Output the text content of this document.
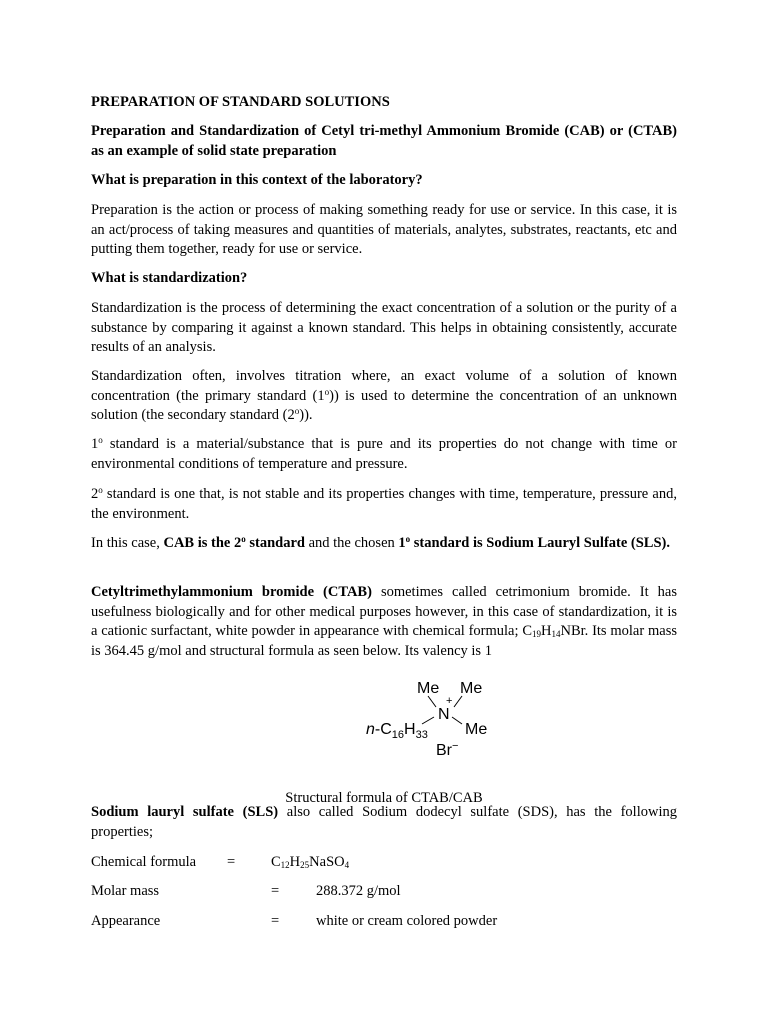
PREPARATION OF STANDARD SOLUTIONS

Preparation and Standardization of Cetyl tri-methyl Ammonium Bromide (CAB) or (CTAB) as an example of solid state preparation

What is preparation in this context of the laboratory?

Preparation is the action or process of making something ready for use or service. In this case, it is an act/process of taking measures and quantities of materials, analytes, substrates, reactants, etc and putting them together, ready for use or service.

What is standardization?

Standardization is the process of determining the exact concentration of a solution or the purity of a substance by comparing it against a known standard. This helps in obtaining consistently, accurate results of an analysis.

Standardization often, involves titration where, an exact volume of a solution of known concentration (the primary standard (1$^o$)) is used to determine the concentration of an unknown solution (the secondary standard (2$^o$)).

1$^o$ standard is a material/substance that is pure and its properties do not change with time or environmental conditions of temperature and pressure.

2$^o$ standard is one that, is not stable and its properties changes with time, temperature, pressure and, the environment.

In this case, CAB is the 2$^o$ standard and the chosen 1$^o$ standard is Sodium Lauryl Sulfate (SLS).

Cetyltrimethylammonium bromide (CTAB) sometimes called cetrimonium bromide. It has usefulness biologically and for other medical purposes however, in this case of standardization, it is a cationic surfactant, white powder in appearance with chemical formula; $C_{19}H_{14}NBr$. Its molar mass is 364.45 g/mol and structural formula as seen below. Its valency is 1

Me Me
+
N
$n-C_{16}H_{33}$ Me
Br−

Structural formula of CTAB/CAB

Sodium lauryl sulfate (SLS) also called Sodium dodecyl sulfate (SDS), has the following properties;

Chemical formula = $C_{12}H_{25}NaSO_4$
Molar mass	=	288.372 g/mol
Appearance	=	white or cream colored powder
